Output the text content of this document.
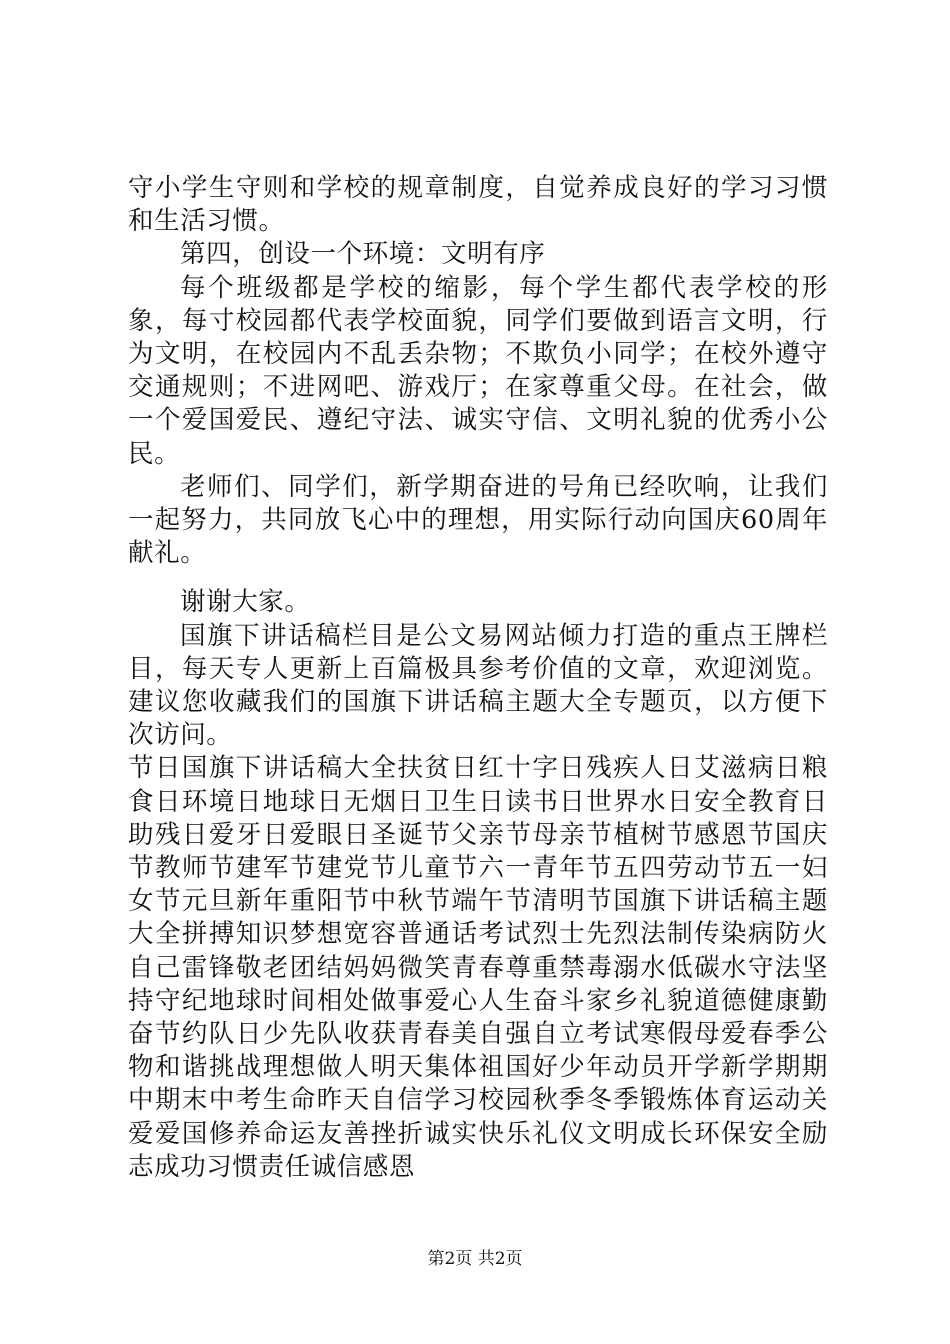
守小学生守则和学校的规章制度，自觉养成良好的学习习惯和生活习惯。

第四，创设一个环境：文明有序

每个班级都是学校的缩影，每个学生都代表学校的形象，每寸校园都代表学校面貌，同学们要做到语言文明，行为文明，在校园内不乱丢杂物；不欺负小同学；在校外遵守交通规则；不进网吧、游戏厅；在家尊重父母。在社会，做一个爱国爱民、遵纪守法、诚实守信、文明礼貌的优秀小公民。

老师们、同学们，新学期奋进的号角已经吹响，让我们一起努力，共同放飞心中的理想，用实际行动向国庆60周年献礼。

谢谢大家。

国旗下讲话稿栏目是公文易网站倾力打造的重点王牌栏目，每天专人更新上百篇极具参考价值的文章，欢迎浏览。建议您收藏我们的国旗下讲话稿主题大全专题页，以方便下次访问。

节日国旗下讲话稿大全扶贫日红十字日残疾人日艾滋病日粮食日环境日地球日无烟日卫生日读书日世界水日安全教育日助残日爱牙日爱眼日圣诞节父亲节母亲节植树节感恩节国庆节教师节建军节建党节儿童节六一青年节五四劳动节五一妇女节元旦新年重阳节中秋节端午节清明节国旗下讲话稿主题大全拼搏知识梦想宽容普通话考试烈士先烈法制传染病防火自己雷锋敬老团结妈妈微笑青春尊重禁毒溺水低碳水守法坚持守纪地球时间相处做事爱心人生奋斗家乡礼貌道德健康勤奋节约队日少先队收获青春美自强自立考试寒假母爱春季公物和谐挑战理想做人明天集体祖国好少年动员开学新学期期中期末中考生命昨天自信学习校园秋季冬季锻炼体育运动关爱爱国修养命运友善挫折诚实快乐礼仪文明成长环保安全励志成功习惯责任诚信感恩

第2页 共2页
